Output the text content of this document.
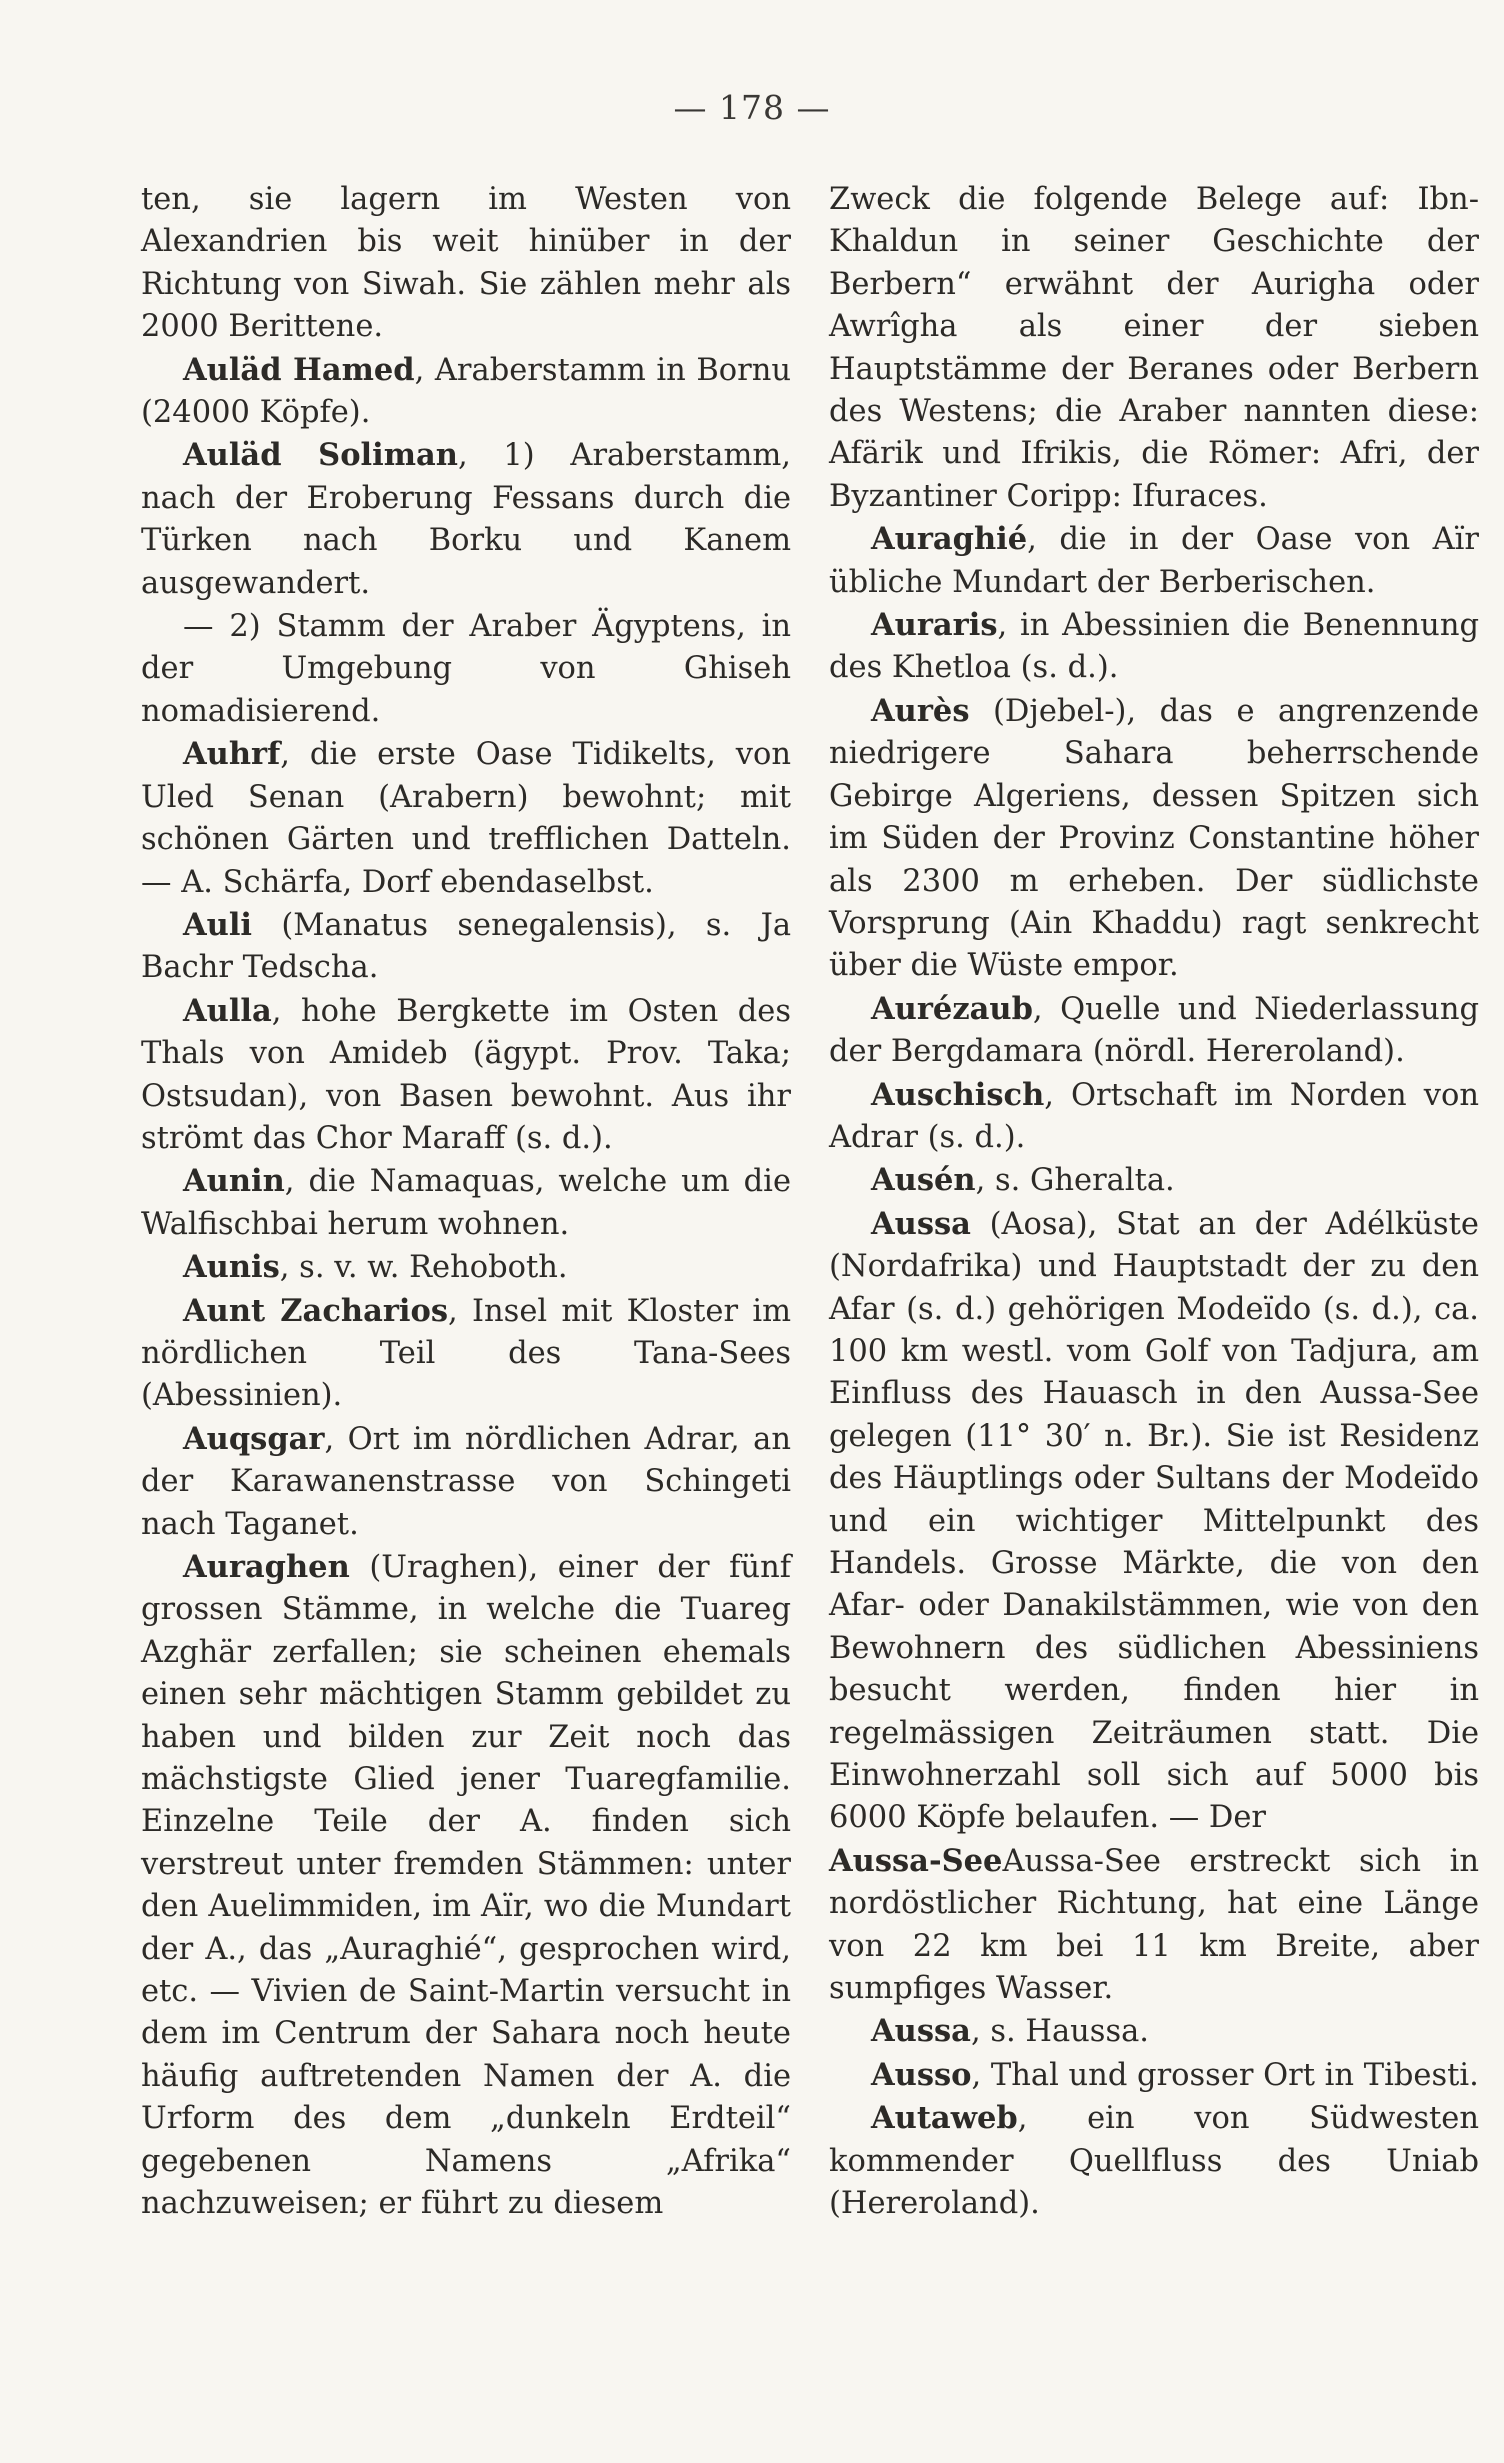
— 178 —

ten, sie lagern im Westen von Alexandrien bis weit hinüber in der Richtung von Siwah. Sie zählen mehr als 2000 Berittene.

Auläd Hamed, Araberstamm in Bornu (24000 Köpfe).

Auläd Soliman, 1) Araberstamm, nach der Eroberung Fessans durch die Türken nach Borku und Kanem ausgewandert.

— 2) Stamm der Araber Ägyptens, in der Umgebung von Ghiseh nomadisierend.

Auhrf, die erste Oase Tidikelts, von Uled Senan (Arabern) bewohnt; mit schönen Gärten und trefflichen Datteln. — A. Schärfa, Dorf ebendaselbst.

Auli (Manatus senegalensis), s. Ja Bachr Tedscha.

Aulla, hohe Bergkette im Osten des Thals von Amideb (ägypt. Prov. Taka; Ostsudan), von Basen bewohnt. Aus ihr strömt das Chor Maraff (s. d.).

Aunin, die Namaquas, welche um die Walfischbai herum wohnen.

Aunis, s. v. w. Rehoboth.

Aunt Zacharios, Insel mit Kloster im nördlichen Teil des Tana-Sees (Abessinien).

Auqsgar, Ort im nördlichen Adrar, an der Karawanenstrasse von Schingeti nach Taganet.

Auraghen (Uraghen), einer der fünf grossen Stämme, in welche die Tuareg Azghär zerfallen; sie scheinen ehemals einen sehr mächtigen Stamm gebildet zu haben und bilden zur Zeit noch das mächstigste Glied jener Tuaregfamilie. Einzelne Teile der A. finden sich verstreut unter fremden Stämmen: unter den Auelimmiden, im Aïr, wo die Mundart der A., das „Auraghié“, gesprochen wird, etc. — Vivien de Saint-Martin versucht in dem im Centrum der Sahara noch heute häufig auftretenden Namen der A. die Urform des dem „dunkeln Erdteil“ gegebenen Namens „Afrika“ nachzuweisen; er führt zu diesem

Zweck die folgende Belege auf: Ibn-Khaldun in seiner Geschichte der Berbern“ erwähnt der Aurigha oder Awrîgha als einer der sieben Hauptstämme der Beranes oder Berbern des Westens; die Araber nannten diese: Afärik und Ifrikis, die Römer: Afri, der Byzantiner Coripp: Ifuraces.

Auraghié, die in der Oase von Aïr übliche Mundart der Berberischen.

Auraris, in Abessinien die Benennung des Khetloa (s. d.).

Aurès (Djebel-), das e angrenzende niedrigere Sahara beherrschende Gebirge Algeriens, dessen Spitzen sich im Süden der Provinz Constantine höher als 2300 m erheben. Der südlichste Vorsprung (Ain Khaddu) ragt senkrecht über die Wüste empor.

Aurézaub, Quelle und Niederlassung der Bergdamara (nördl. Hereroland).

Auschisch, Ortschaft im Norden von Adrar (s. d.).

Ausén, s. Gheralta.

Aussa (Aosa), Stat an der Adélküste (Nordafrika) und Hauptstadt der zu den Afar (s. d.) gehörigen Modeïdo (s. d.), ca. 100 km westl. vom Golf von Tadjura, am Einfluss des Hauasch in den Aussa-See gelegen (11° 30′ n. Br.). Sie ist Residenz des Häuptlings oder Sultans der Modeïdo und ein wichtiger Mittelpunkt des Handels. Grosse Märkte, die von den Afar- oder Danakilstämmen, wie von den Bewohnern des südlichen Abessiniens besucht werden, finden hier in regelmässigen Zeiträumen statt. Die Einwohnerzahl soll sich auf 5000 bis 6000 Köpfe belaufen. — Der

Aussa-SeeAussa-See erstreckt sich in nordöstlicher Richtung, hat eine Länge von 22 km bei 11 km Breite, aber sumpfiges Wasser.

Aussa, s. Haussa.

Ausso, Thal und grosser Ort in Tibesti.

Autaweb, ein von Südwesten kommender Quellfluss des Uniab (Hereroland).
